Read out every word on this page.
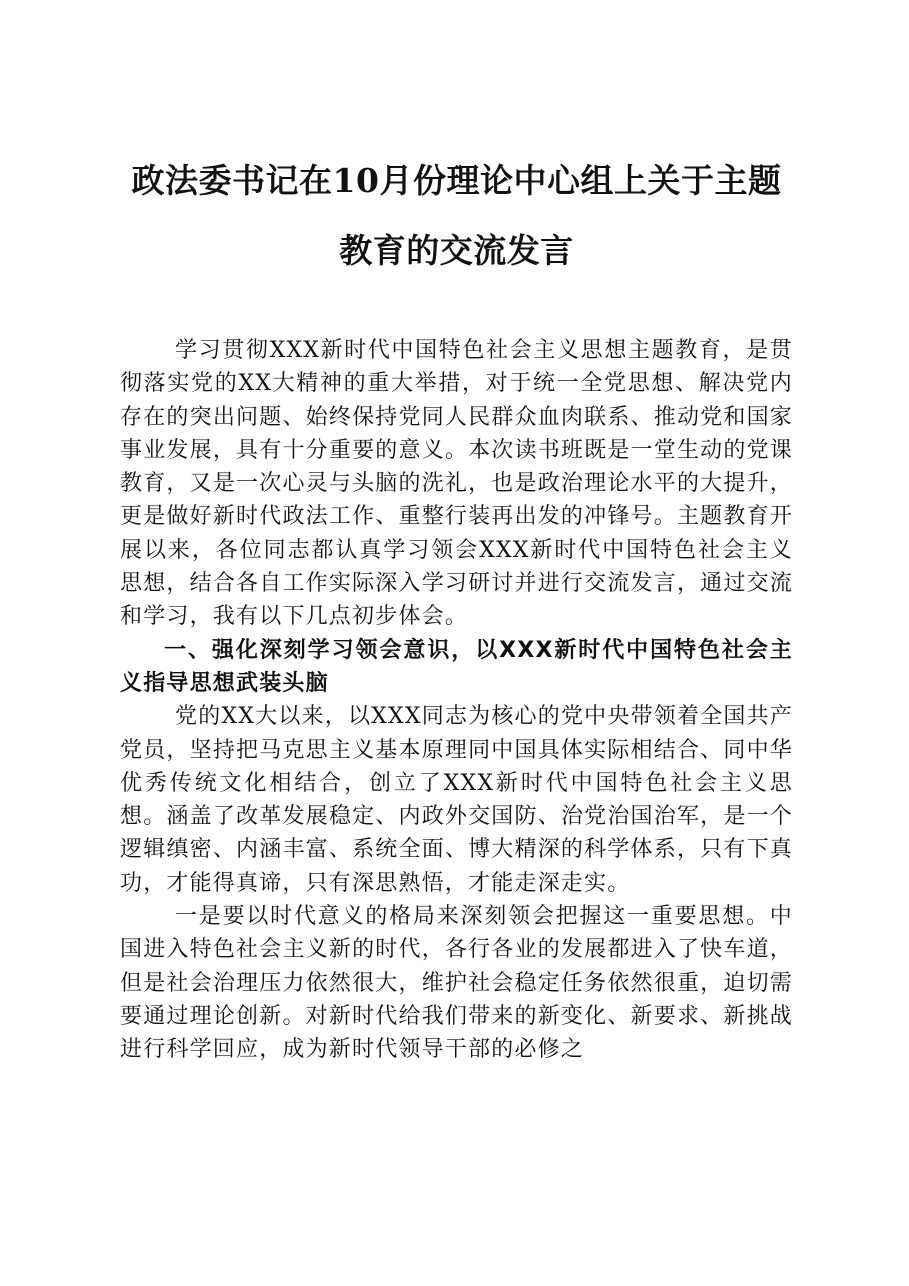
政法委书记在10月份理论中心组上关于主题
教育的交流发言

学习贯彻XXX新时代中国特色社会主义思想主题教育，是贯彻落实党的XX大精神的重大举措，对于统一全党思想、解决党内存在的突出问题、始终保持党同人民群众血肉联系、推动党和国家事业发展，具有十分重要的意义。本次读书班既是一堂生动的党课教育，又是一次心灵与头脑的洗礼，也是政治理论水平的大提升，更是做好新时代政法工作、重整行装再出发的冲锋号。主题教育开展以来，各位同志都认真学习领会XXX新时代中国特色社会主义思想，结合各自工作实际深入学习研讨并进行交流发言，通过交流和学习，我有以下几点初步体会。

一、强化深刻学习领会意识，以XXX新时代中国特色社会主义指导思想武装头脑

党的XX大以来，以XXX同志为核心的党中央带领着全国共产党员，坚持把马克思主义基本原理同中国具体实际相结合、同中华优秀传统文化相结合，创立了XXX新时代中国特色社会主义思想。涵盖了改革发展稳定、内政外交国防、治党治国治军，是一个逻辑缜密、内涵丰富、系统全面、博大精深的科学体系，只有下真功，才能得真谛，只有深思熟悟，才能走深走实。

一是要以时代意义的格局来深刻领会把握这一重要思想。中国进入特色社会主义新的时代，各行各业的发展都进入了快车道，但是社会治理压力依然很大，维护社会稳定任务依然很重，迫切需要通过理论创新。对新时代给我们带来的新变化、新要求、新挑战进行科学回应，成为新时代领导干部的必修之
